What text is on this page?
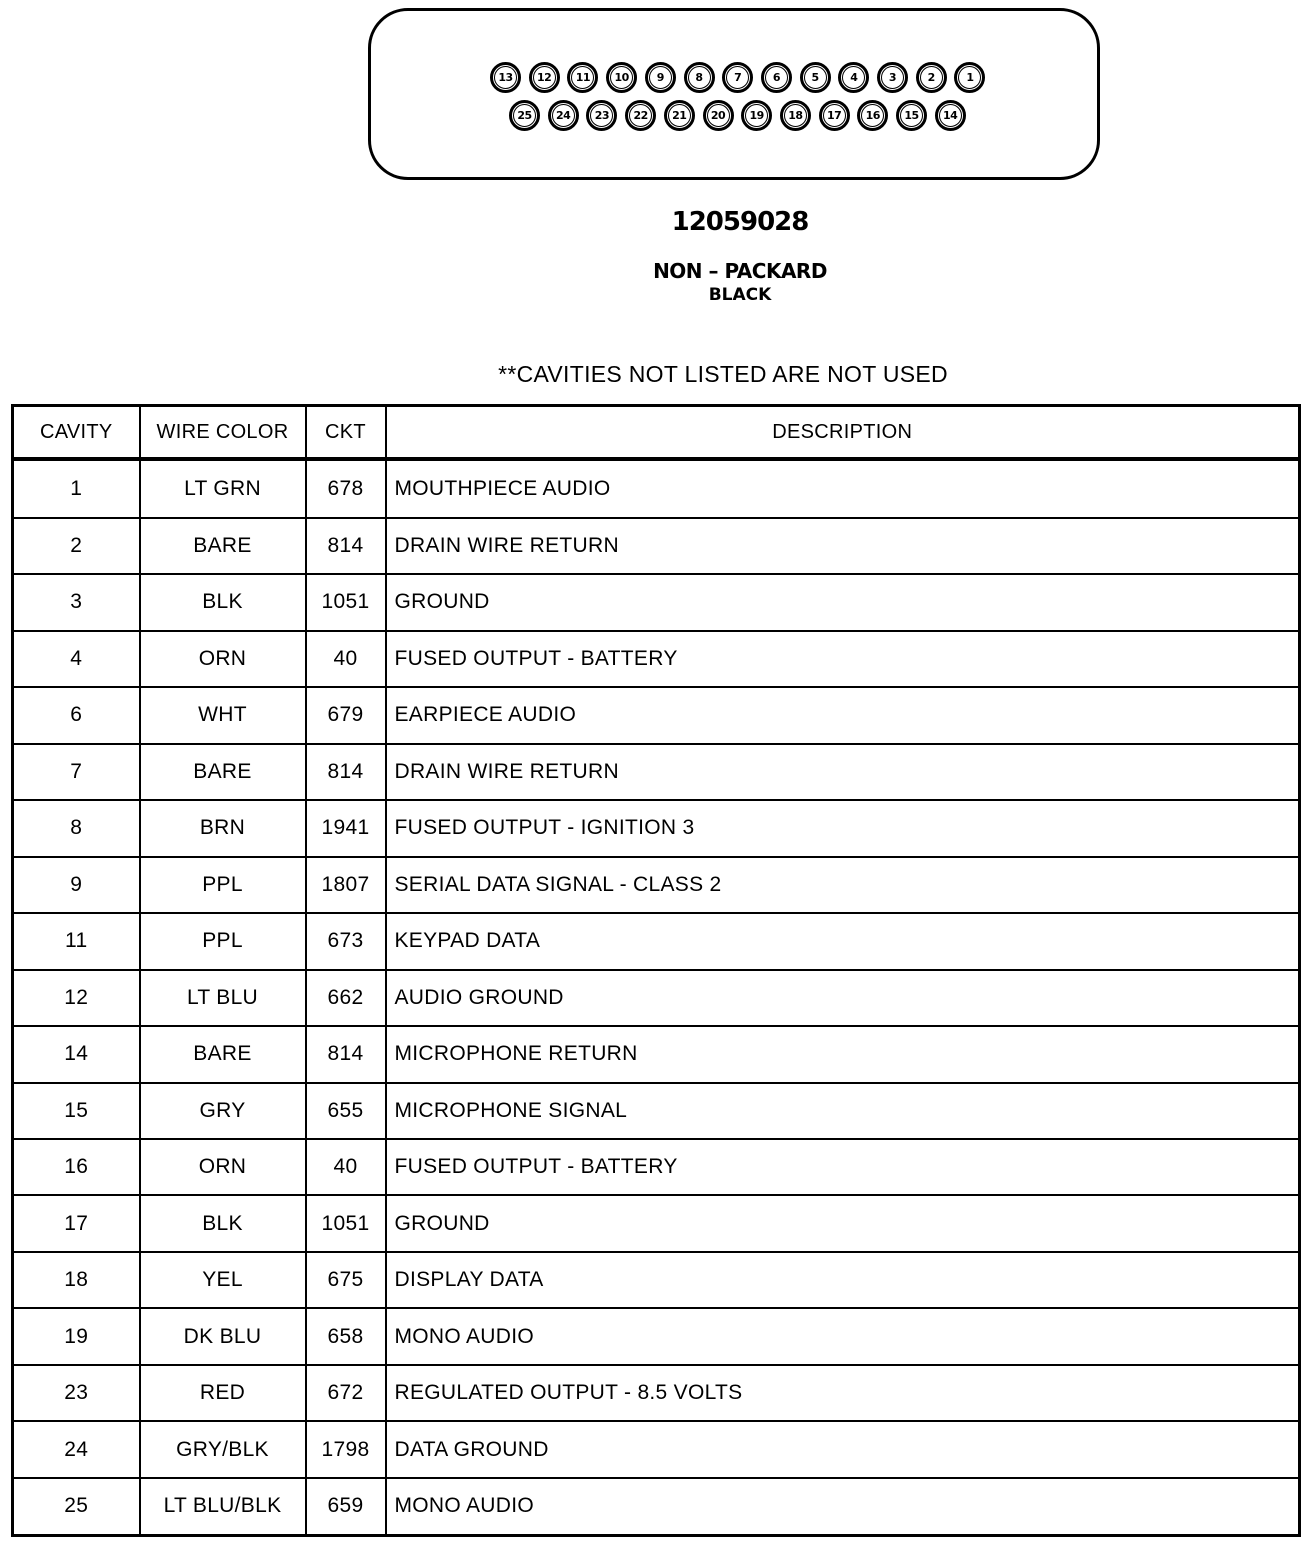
13	12	11	10	9	8	7	6	5	4	3	2	1
25	24	23	22	21	20	19	18	17	16	15	14
12059028
NON – PACKARD
BLACK
**CAVITIES NOT LISTED ARE NOT USED
CAVITY	WIRE COLOR	CKT	DESCRIPTION
1	LT GRN	678	MOUTHPIECE AUDIO
2	BARE	814	DRAIN WIRE RETURN
3	BLK	1051	GROUND
4	ORN	40	FUSED OUTPUT - BATTERY
6	WHT	679	EARPIECE AUDIO
7	BARE	814	DRAIN WIRE RETURN
8	BRN	1941	FUSED OUTPUT - IGNITION 3
9	PPL	1807	SERIAL DATA SIGNAL - CLASS 2
11	PPL	673	KEYPAD DATA
12	LT BLU	662	AUDIO GROUND
14	BARE	814	MICROPHONE RETURN
15	GRY	655	MICROPHONE SIGNAL
16	ORN	40	FUSED OUTPUT - BATTERY
17	BLK	1051	GROUND
18	YEL	675	DISPLAY DATA
19	DK BLU	658	MONO AUDIO
23	RED	672	REGULATED OUTPUT - 8.5 VOLTS
24	GRY/BLK	1798	DATA GROUND
25	LT BLU/BLK	659	MONO AUDIO
